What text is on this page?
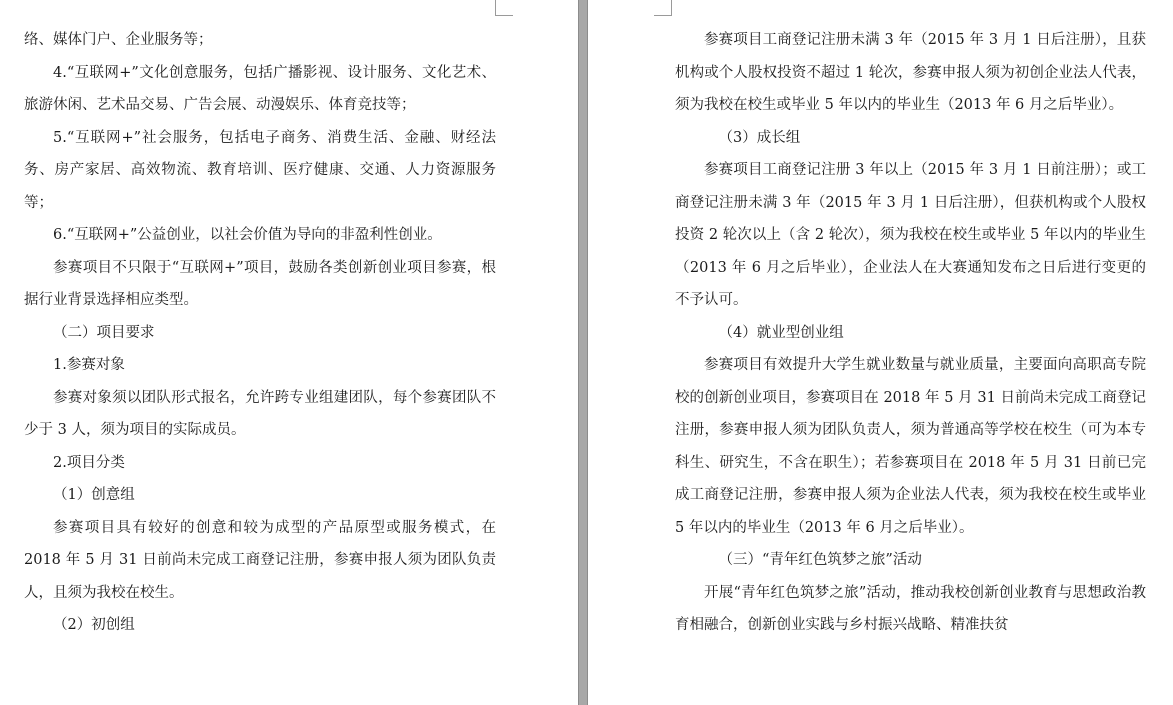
络、媒体门户、企业服务等；

4.“互联网+”文化创意服务，包括广播影视、设计服务、文化艺术、旅游休闲、艺术品交易、广告会展、动漫娱乐、体育竞技等；

5.“互联网+”社会服务，包括电子商务、消费生活、金融、财经法务、房产家居、高效物流、教育培训、医疗健康、交通、人力资源服务等；

6.“互联网+”公益创业，以社会价值为导向的非盈利性创业。

参赛项目不只限于“互联网+”项目，鼓励各类创新创业项目参赛，根据行业背景选择相应类型。

（二）项目要求

1.参赛对象

参赛对象须以团队形式报名，允许跨专业组建团队，每个参赛团队不少于 3 人，须为项目的实际成员。

2.项目分类

（1）创意组

参赛项目具有较好的创意和较为成型的产品原型或服务模式，在 2018 年 5 月 31 日前尚未完成工商登记注册，参赛申报人须为团队负责人，且须为我校在校生。

（2）初创组

参赛项目工商登记注册未满 3 年（2015 年 3 月 1 日后注册），且获机构或个人股权投资不超过 1 轮次，参赛申报人须为初创企业法人代表，须为我校在校生或毕业 5 年以内的毕业生（2013 年 6 月之后毕业）。

（3）成长组

参赛项目工商登记注册 3 年以上（2015 年 3 月 1 日前注册）；或工商登记注册未满 3 年（2015 年 3 月 1 日后注册），但获机构或个人股权投资 2 轮次以上（含 2 轮次），须为我校在校生或毕业 5 年以内的毕业生（2013 年 6 月之后毕业），企业法人在大赛通知发布之日后进行变更的不予认可。

（4）就业型创业组

参赛项目有效提升大学生就业数量与就业质量，主要面向高职高专院校的创新创业项目，参赛项目在 2018 年 5 月 31 日前尚未完成工商登记注册，参赛申报人须为团队负责人，须为普通高等学校在校生（可为本专科生、研究生，不含在职生）；若参赛项目在 2018 年 5 月 31 日前已完成工商登记注册，参赛申报人须为企业法人代表，须为我校在校生或毕业 5 年以内的毕业生（2013 年 6 月之后毕业）。

（三）“青年红色筑梦之旅”活动

开展“青年红色筑梦之旅”活动，推动我校创新创业教育与思想政治教育相融合，创新创业实践与乡村振兴战略、精准扶贫
